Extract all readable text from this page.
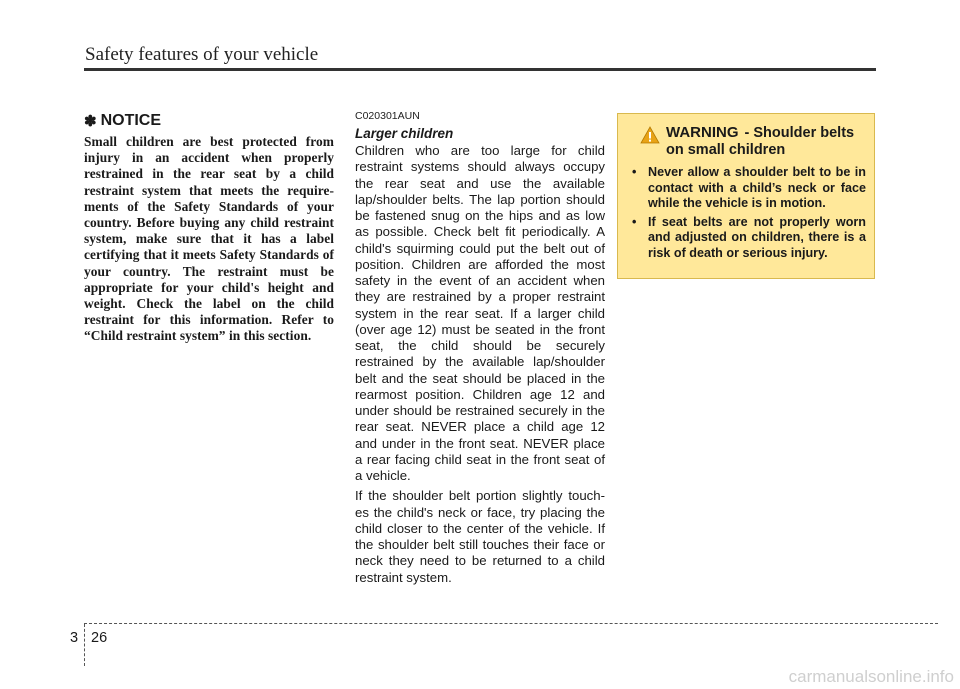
Safety features of your vehicle
✽ NOTICE

Small children are best protected from injury in an accident when properly restrained in the rear seat by a child restraint system that meets the require-ments of the Safety Standards of your country. Before buying any child restraint system, make sure that it has a label certifying that it meets Safety Standards of your country. The restraint must be appropriate for your child's height and weight. Check the label on the child restraint for this information. Refer to “Child restraint system” in this section.

C020301AUN

Larger children

Children who are too large for child restraint systems should always occupy the rear seat and use the available lap/shoulder belts. The lap portion should be fastened snug on the hips and as low as possible. Check belt fit periodically. A child's squirming could put the belt out of position. Children are afforded the most safety in the event of an accident when they are restrained by a proper restraint system in the rear seat. If a larger child (over age 12) must be seated in the front seat, the child should be securely restrained by the available lap/shoulder belt and the seat should be placed in the rearmost position. Children age 12 and under should be restrained securely in the rear seat. NEVER place a child age 12 and under in the front seat. NEVER place a rear facing child seat in the front seat of a vehicle.

If the shoulder belt portion slightly touch-es the child's neck or face, try placing the child closer to the center of the vehicle. If the shoulder belt still touches their face or neck they need to be returned to a child restraint system.

WARNING - Shoulder belts
on small children
• Never allow a shoulder belt to be in contact with a child’s neck or face while the vehicle is in motion.
• If seat belts are not properly worn and adjusted on children, there is a risk of death or serious injury.
3 26
carmanualsonline.info
